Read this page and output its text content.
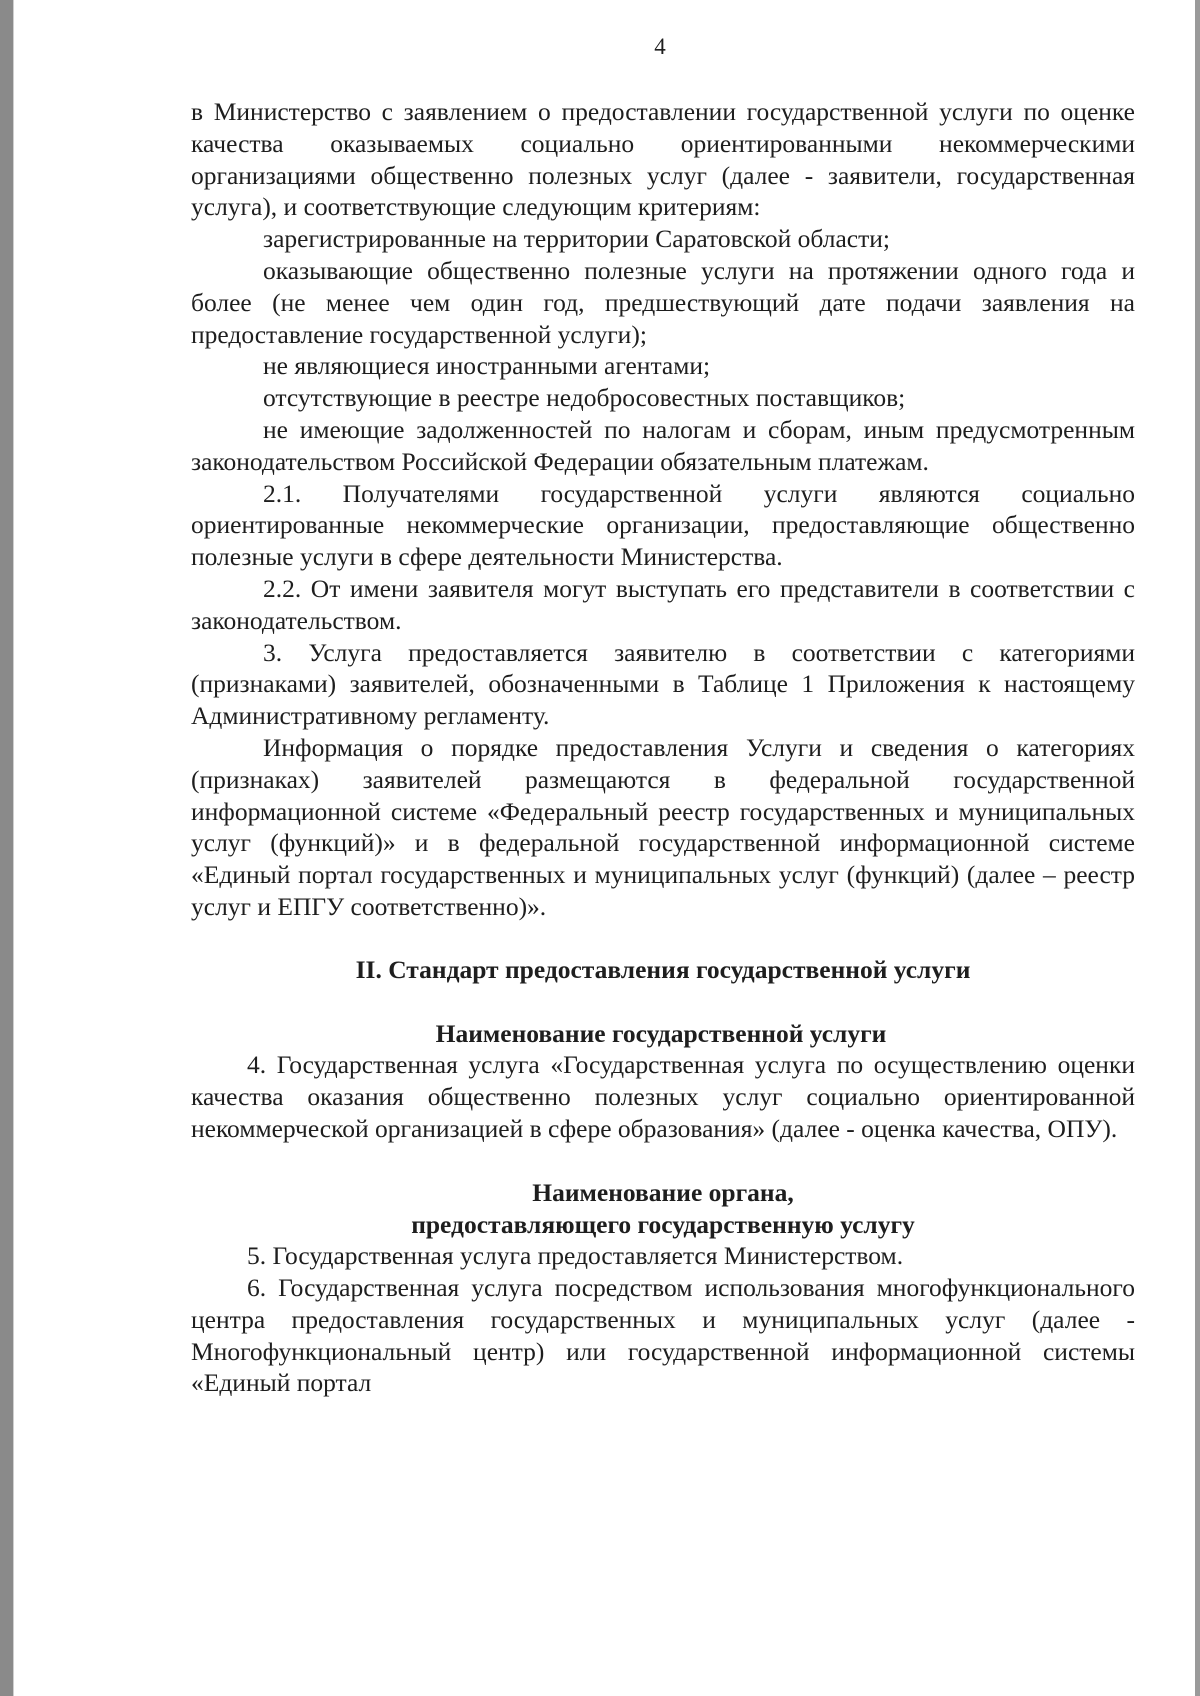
4

в Министерство с заявлением о предоставлении государственной услуги по оценке качества оказываемых социально ориентированными некоммерческими организациями общественно полезных услуг (далее - заявители, государственная услуга), и соответствующие следующим критериям:

зарегистрированные на территории Саратовской области;

оказывающие общественно полезные услуги на протяжении одного года и более (не менее чем один год, предшествующий дате подачи заявления на предоставление государственной услуги);

не являющиеся иностранными агентами;

отсутствующие в реестре недобросовестных поставщиков;

не имеющие задолженностей по налогам и сборам, иным предусмотренным законодательством Российской Федерации обязательным платежам.

2.1. Получателями государственной услуги являются социально ориентированные некоммерческие организации, предоставляющие общественно полезные услуги в сфере деятельности Министерства.

2.2. От имени заявителя могут выступать его представители в соответствии с законодательством.

3. Услуга предоставляется заявителю в соответствии с категориями (признаками) заявителей, обозначенными в Таблице 1 Приложения к настоящему Административному регламенту.

Информация о порядке предоставления Услуги и сведения о категориях (признаках) заявителей размещаются в федеральной государственной информационной системе «Федеральный реестр государственных и муниципальных услуг (функций)» и в федеральной государственной информационной системе «Единый портал государственных и муниципальных услуг (функций) (далее – реестр услуг и ЕПГУ соответственно)».

II. Стандарт предоставления государственной услуги
Наименование государственной услуги

4. Государственная услуга «Государственная услуга по осуществлению оценки качества оказания общественно полезных услуг социально ориентированной некоммерческой организацией в сфере образования» (далее - оценка качества, ОПУ).

Наименование органа,
предоставляющего государственную услугу

5. Государственная услуга предоставляется Министерством.

6. Государственная услуга посредством использования многофункционального центра предоставления государственных и муниципальных услуг (далее - Многофункциональный центр) или государственной информационной системы «Единый портал
